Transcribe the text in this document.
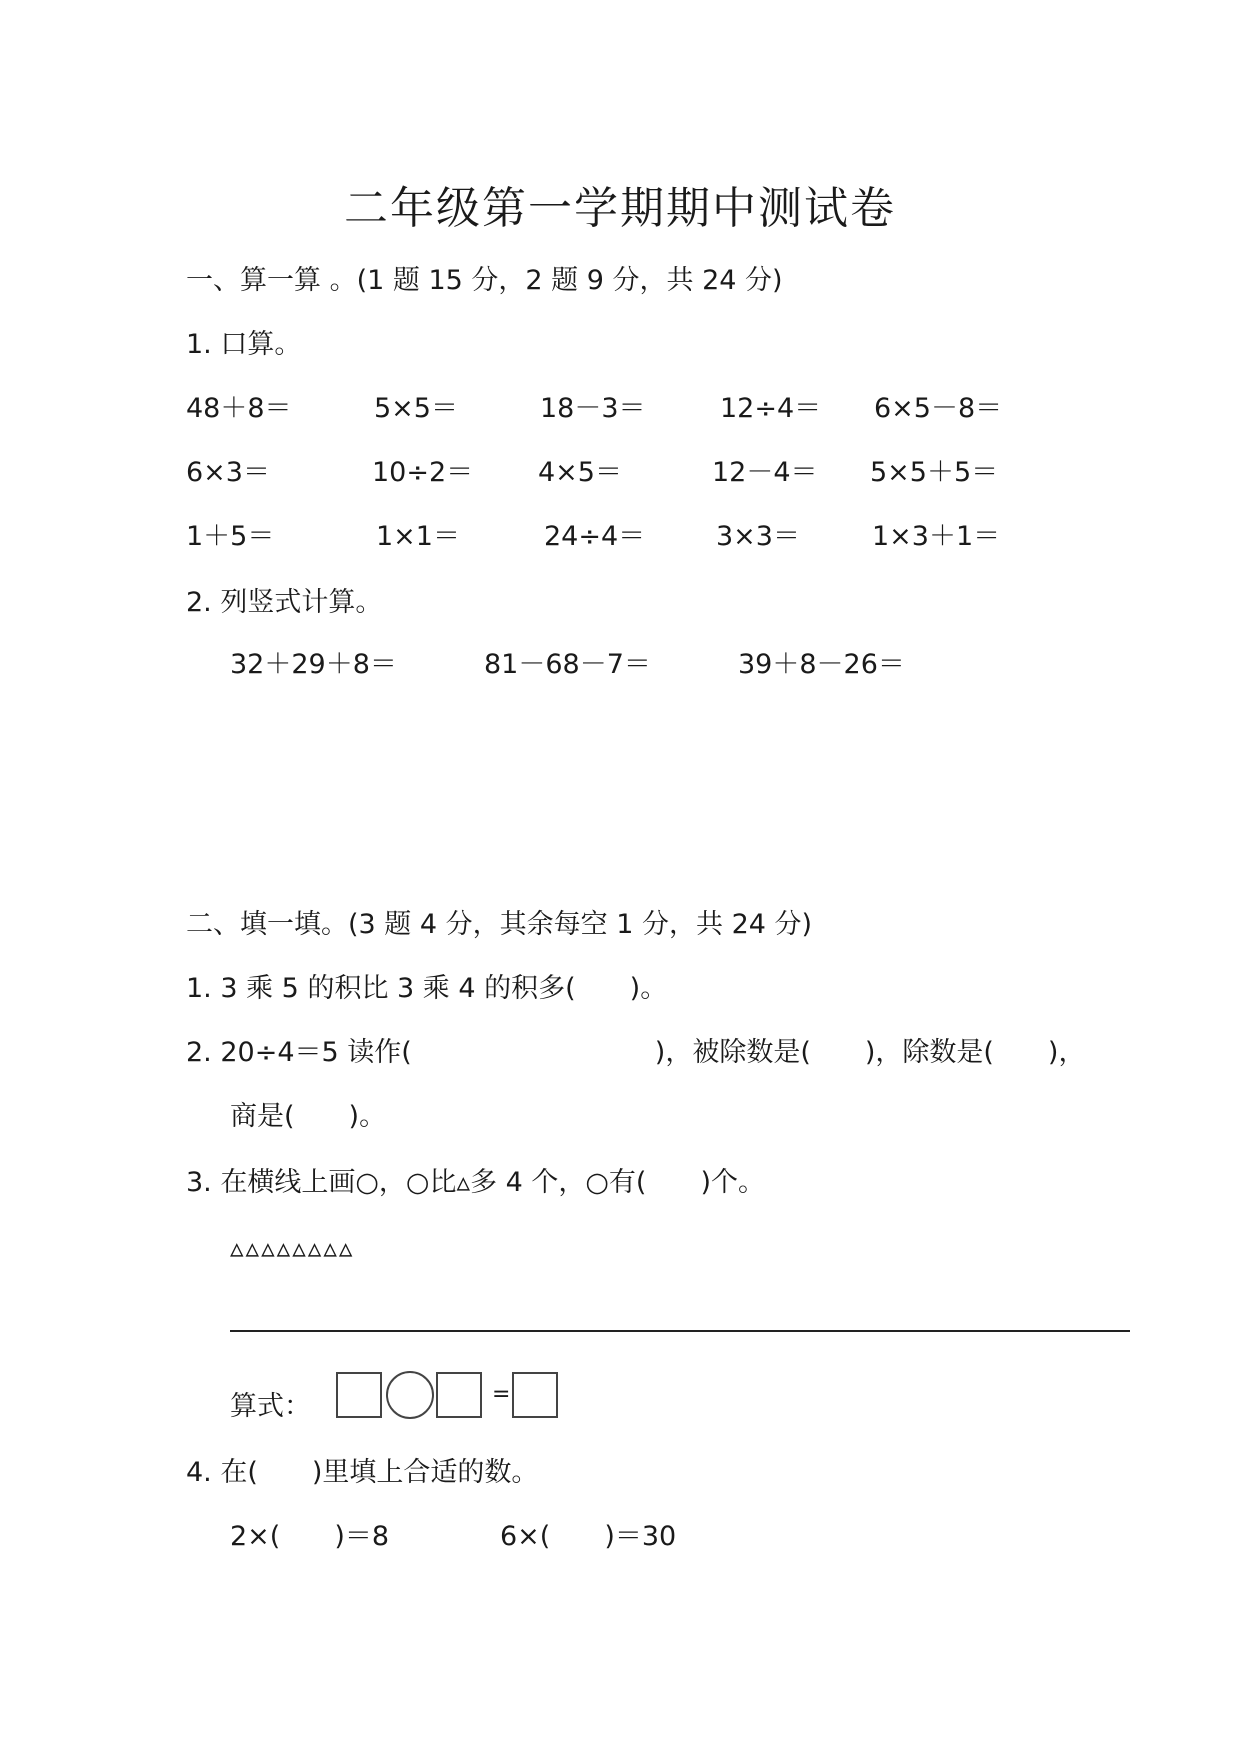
二年级第一学期期中测试卷
一、算一算 。(1 题 15 分，2 题 9 分，共 24 分)
1. 口算。
48＋8＝	5×5＝	18－3＝	12÷4＝ 6×5－8＝
6×3＝	10÷2＝ 4×5＝	12－4＝ 5×5＋5＝
1＋5＝	1×1＝	24÷4＝	3×3＝	1×3＋1＝
2. 列竖式计算。
32＋29＋8＝	81－68－7＝	39＋8－26＝
二、填一填。(3 题 4 分，其余每空 1 分，共 24 分)
1. 3 乘 5 的积比 3 乘 4 的积多(　　)。
2. 20÷4＝5 读作(　　　　　　　　　)，被除数是(　　)，除数是(　　)，
商是(　　)。
3. 在横线上画○，○比▵多 4 个，○有(　　)个。
▵▵▵▵▵▵▵▵
算式：	=
4. 在(　　)里填上合适的数。
2×(　　)＝8	6×(　　)＝30
